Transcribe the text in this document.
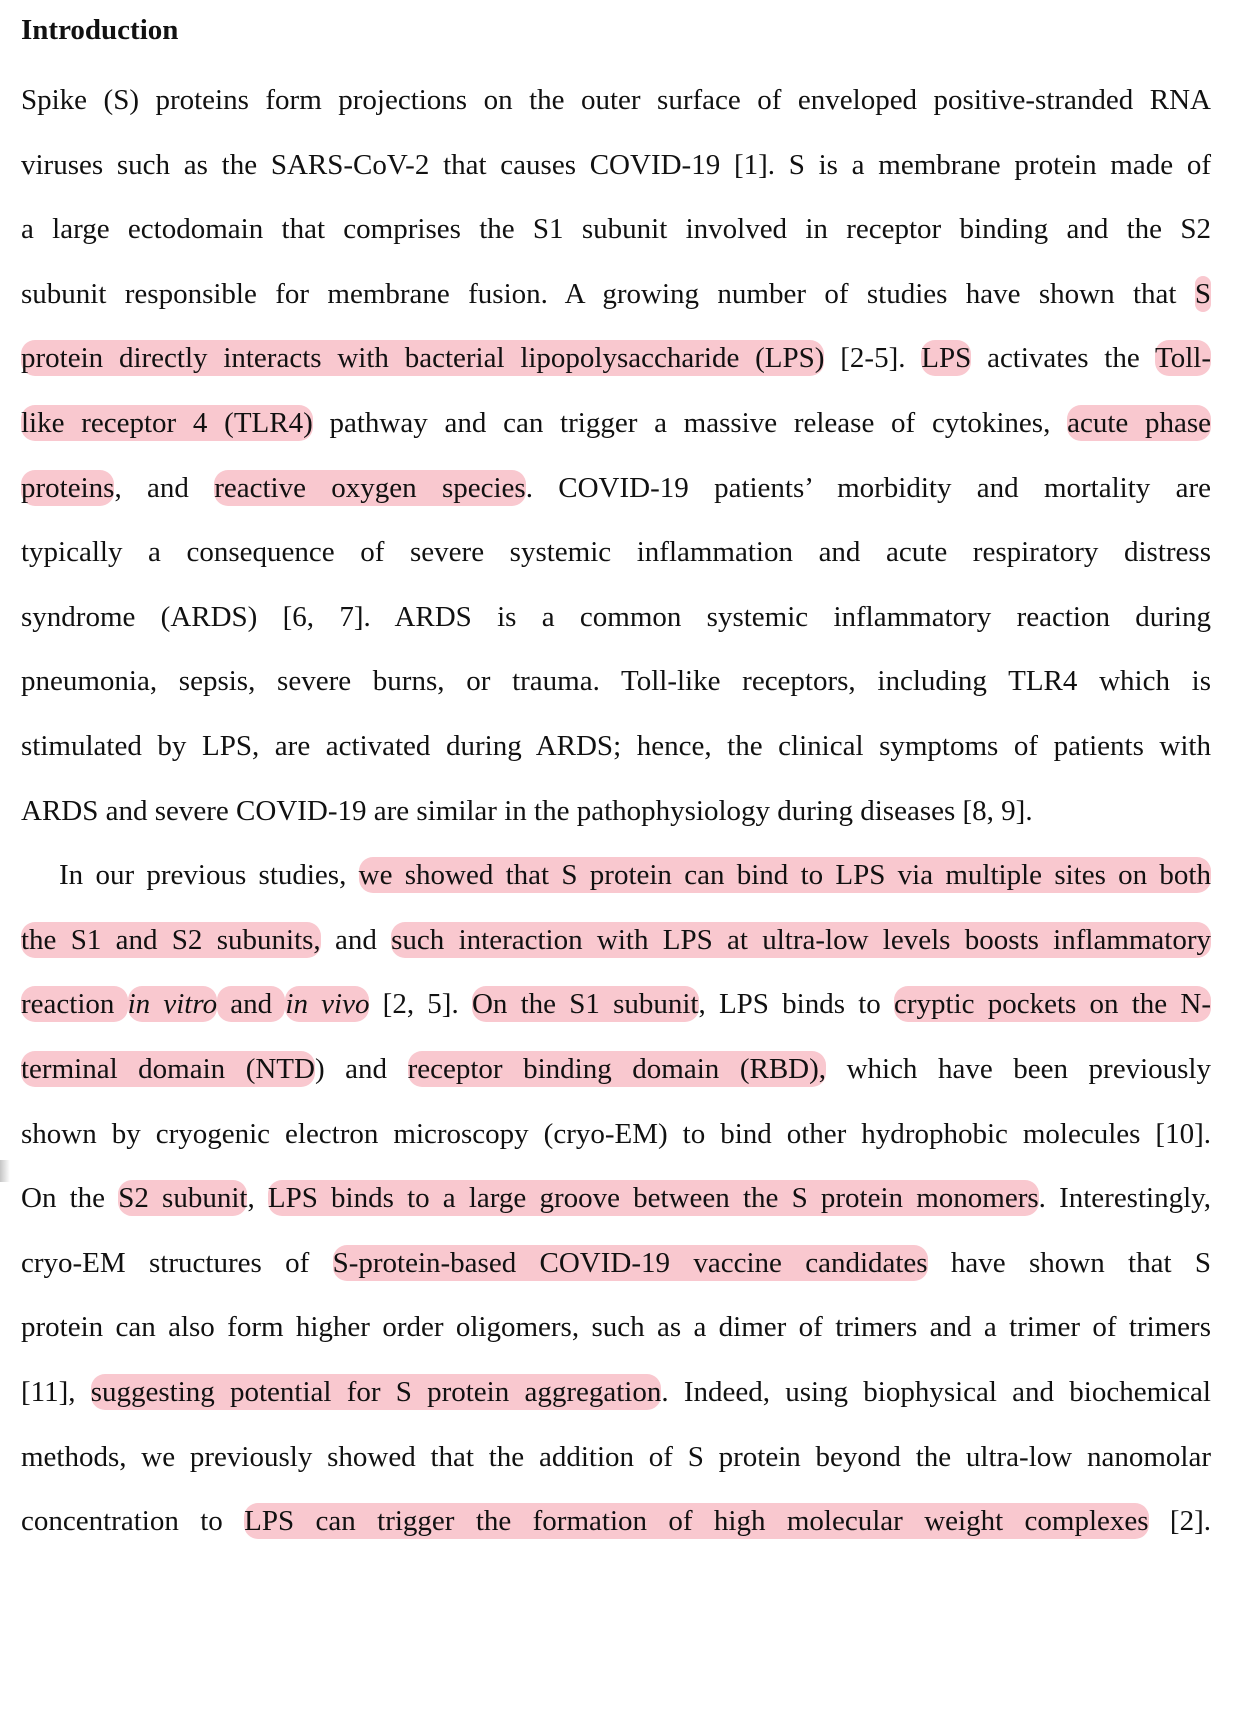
Introduction
Spike (S) proteins form projections on the outer surface of enveloped positive-stranded RNA
viruses such as the SARS-CoV-2 that causes COVID-19 [1]. S is a membrane protein made of
a large ectodomain that comprises the S1 subunit involved in receptor binding and the S2
subunit responsible for membrane fusion. A growing number of studies have shown that S
protein directly interacts with bacterial lipopolysaccharide (LPS) [2-5]. LPS activates the Toll-
like receptor 4 (TLR4) pathway and can trigger a massive release of cytokines, acute phase
proteins, and reactive oxygen species. COVID-19 patients’ morbidity and mortality are
typically a consequence of severe systemic inflammation and acute respiratory distress
syndrome (ARDS) [6, 7]. ARDS is a common systemic inflammatory reaction during
pneumonia, sepsis, severe burns, or trauma. Toll-like receptors, including TLR4 which is
stimulated by LPS, are activated during ARDS; hence, the clinical symptoms of patients with
ARDS and severe COVID-19 are similar in the pathophysiology during diseases [8, 9].
In our previous studies, we showed that S protein can bind to LPS via multiple sites on both
the S1 and S2 subunits, and such interaction with LPS at ultra-low levels boosts inflammatory
reaction in vitro and in vivo [2, 5]. On the S1 subunit, LPS binds to cryptic pockets on the N-
terminal domain (NTD) and receptor binding domain (RBD), which have been previously
shown by cryogenic electron microscopy (cryo-EM) to bind other hydrophobic molecules [10].
On the S2 subunit, LPS binds to a large groove between the S protein monomers. Interestingly,
cryo-EM structures of S-protein-based COVID-19 vaccine candidates have shown that S
protein can also form higher order oligomers, such as a dimer of trimers and a trimer of trimers
[11], suggesting potential for S protein aggregation. Indeed, using biophysical and biochemical
methods, we previously showed that the addition of S protein beyond the ultra-low nanomolar
concentration to LPS can trigger the formation of high molecular weight complexes [2].
